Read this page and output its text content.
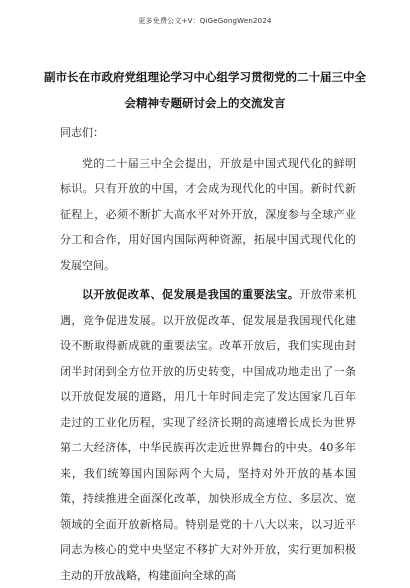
更多免费公文+V：QiGeGongWen2024
副市长在市政府党组理论学习中心组学习贯彻党的二十届三中全会精神专题研讨会上的交流发言

同志们：

党的二十届三中全会提出，开放是中国式现代化的鲜明标识。只有开放的中国，才会成为现代化的中国。新时代新征程上，必须不断扩大高水平对外开放，深度参与全球产业分工和合作，用好国内国际两种资源，拓展中国式现代化的发展空间。

以开放促改革、促发展是我国的重要法宝。开放带来机遇，竞争促进发展。以开放促改革、促发展是我国现代化建设不断取得新成就的重要法宝。改革开放后，我们实现由封闭半封闭到全方位开放的历史转变，中国成功地走出了一条以开放促发展的道路，用几十年时间走完了发达国家几百年走过的工业化历程，实现了经济长期的高速增长成长为世界第二大经济体，中华民族再次走近世界舞台的中央。40多年来，我们统筹国内国际两个大局，坚持对外开放的基本国策，持续推进全面深化改革，加快形成全方位、多层次、宽领域的全面开放新格局。特别是党的十八大以来，以习近平同志为核心的党中央坚定不移扩大对外开放，实行更加积极主动的开放战略，构建面向全球的高
